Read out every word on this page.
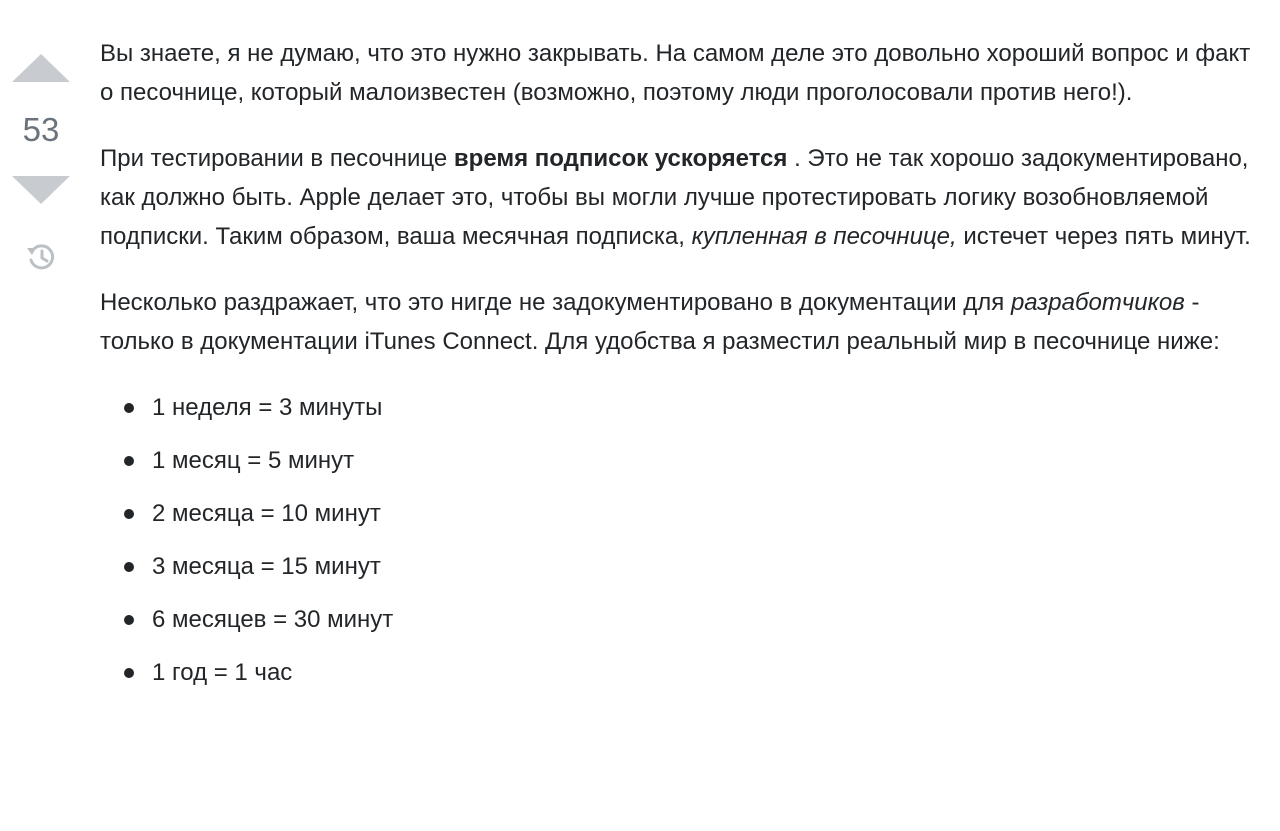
53

Вы знаете, я не думаю, что это нужно закрывать. На самом деле это довольно хороший вопрос и факт о песочнице, который малоизвестен (возможно, поэтому люди проголосовали против него!).

При тестировании в песочнице время подписок ускоряется . Это не так хорошо задокументировано, как должно быть. Apple делает это, чтобы вы могли лучше протестировать логику возобновляемой подписки. Таким образом, ваша месячная подписка, купленная в песочнице, истечет через пять минут.

Несколько раздражает, что это нигде не задокументировано в документации для разработчиков - только в документации iTunes Connect. Для удобства я разместил реальный мир в песочнице ниже:

1 неделя = 3 минуты
1 месяц = 5 минут
2 месяца = 10 минут
3 месяца = 15 минут
6 месяцев = 30 минут
1 год = 1 час
